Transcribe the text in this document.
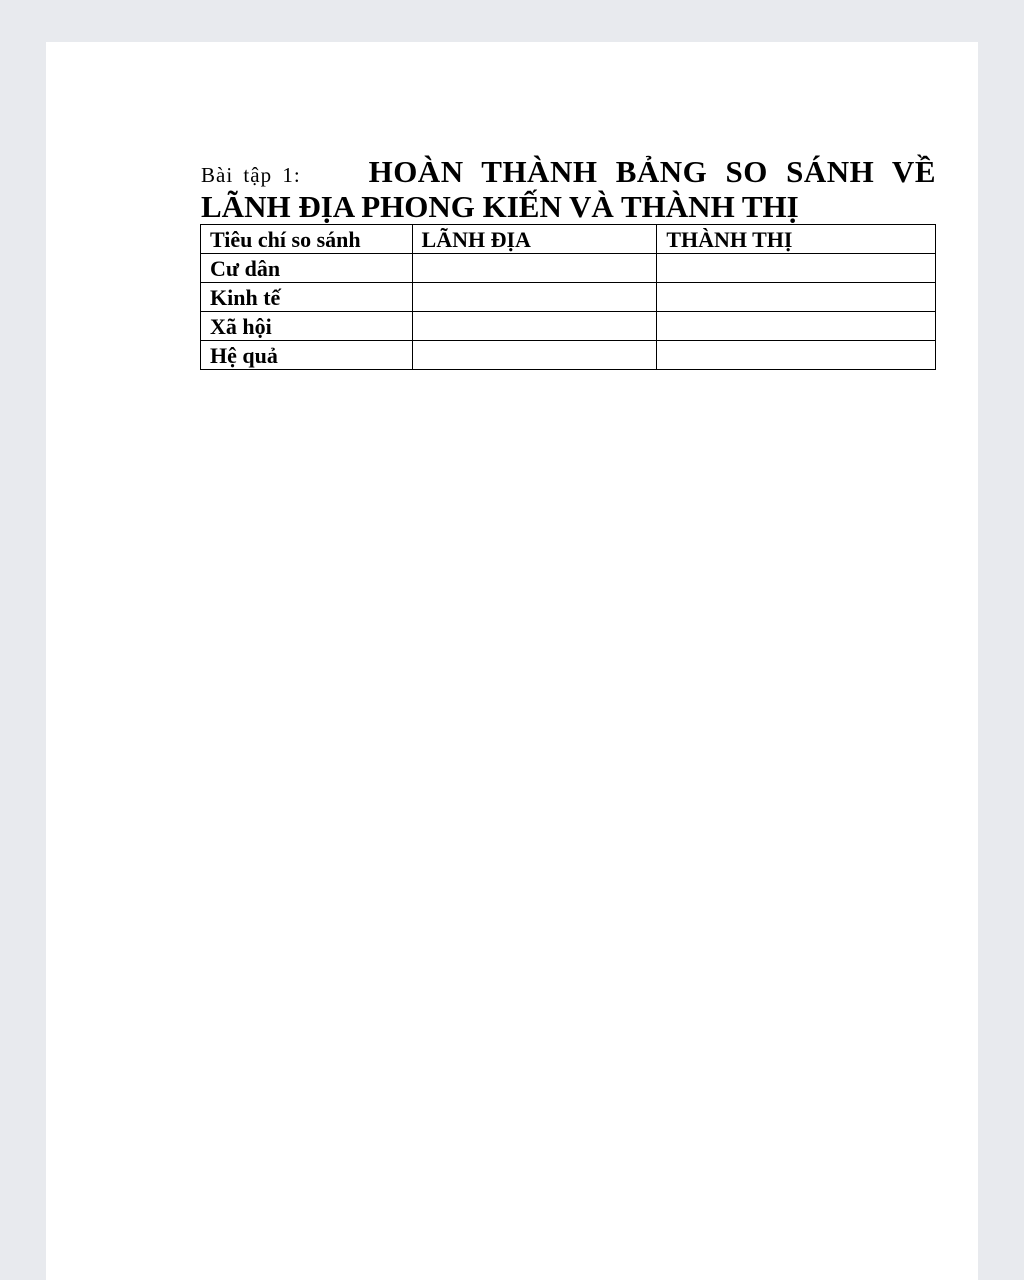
Bài tập 1: HOÀN THÀNH BẢNG SO SÁNH VỀ
LÃNH ĐỊA PHONG KIẾN VÀ THÀNH THỊ
Tiêu chí so sánh	LÃNH ĐỊA	THÀNH THỊ
Cư dân		
Kinh tế		
Xã hội		
Hệ quả		
